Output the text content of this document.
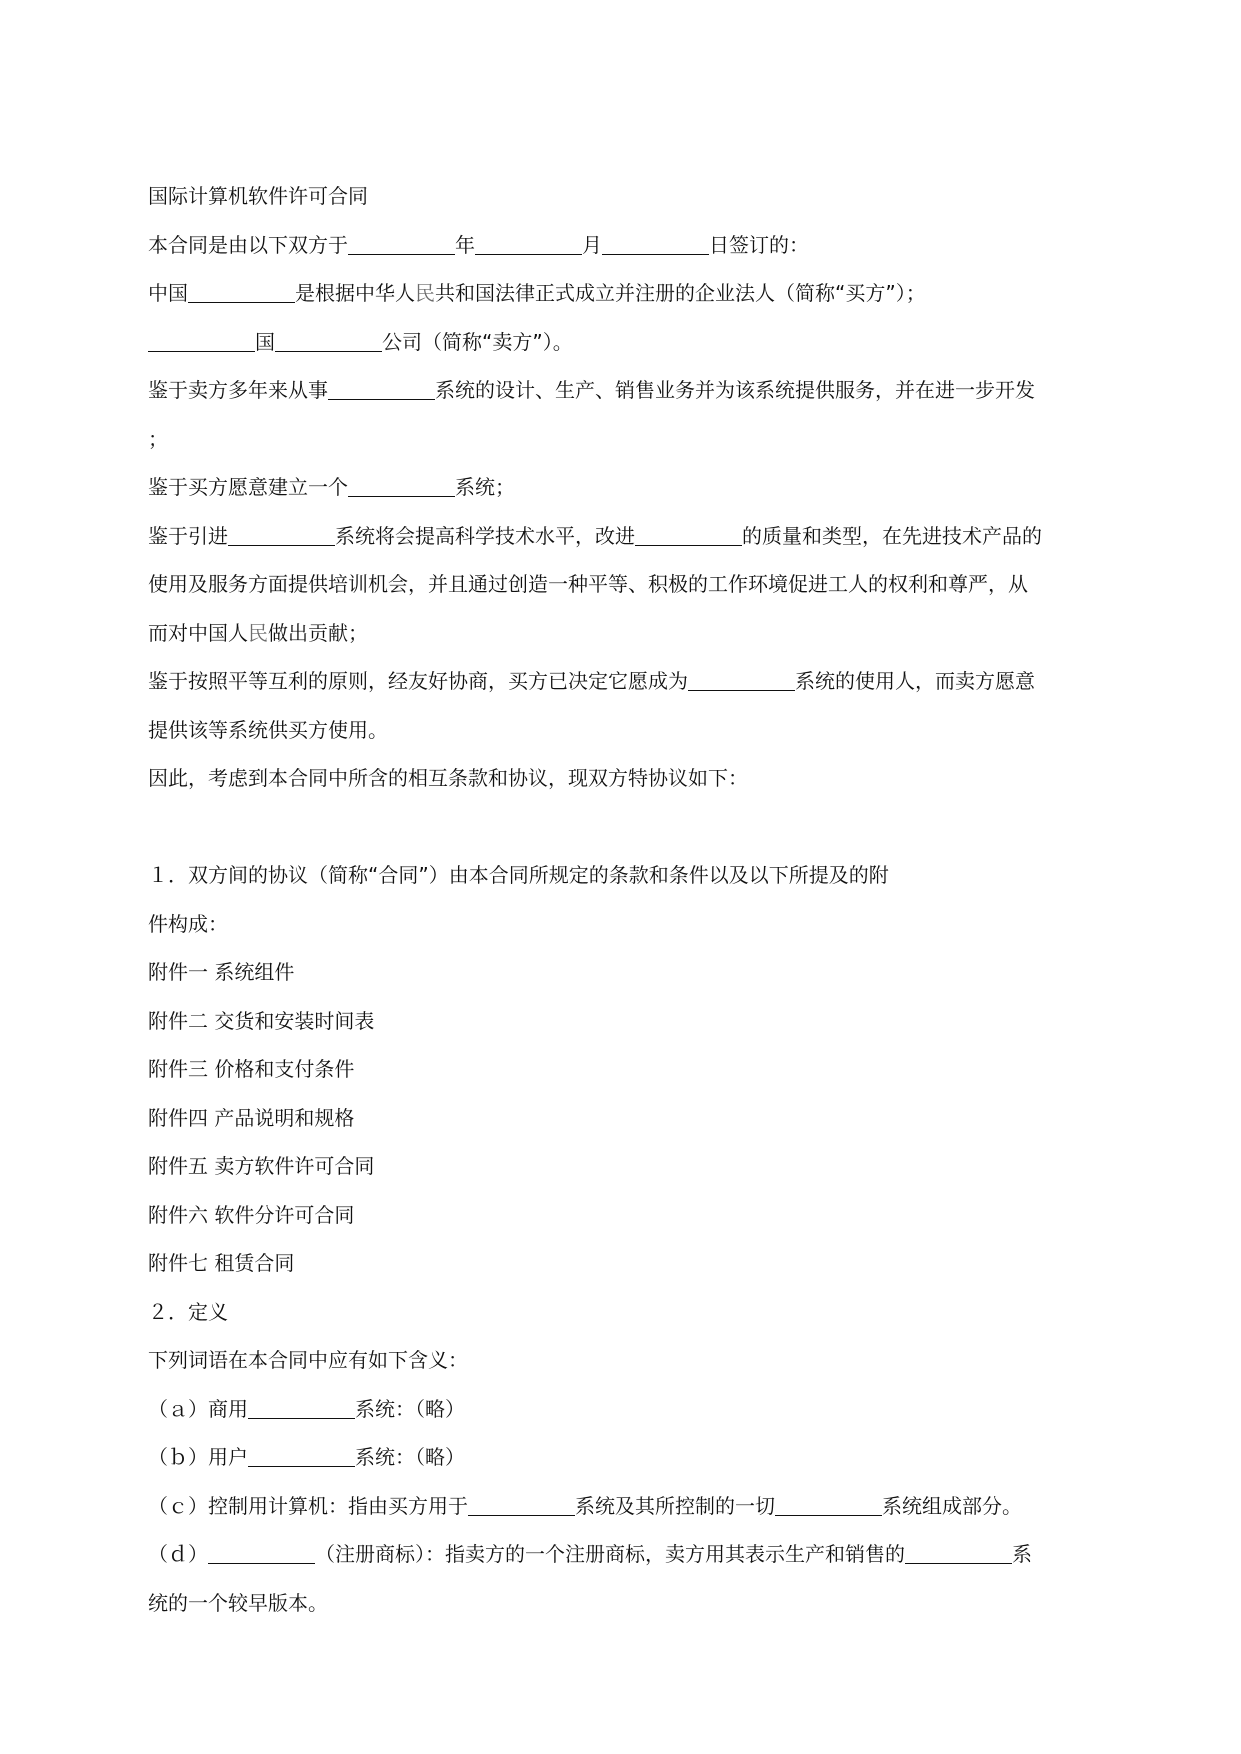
国际计算机软件许可合同
本合同是由以下双方于	年	月	日签订的：
中国	是根据中华人民共和国法律正式成立并注册的企业法人（简称“买方”）；
国	公司（简称“卖方”）。
鉴于卖方多年来从事	系统的设计、生产、销售业务并为该系统提供服务，并在进一步开发
；
鉴于买方愿意建立一个	系统；
鉴于引进	系统将会提高科学技术水平，改进	的质量和类型，在先进技术产品的
使用及服务方面提供培训机会，并且通过创造一种平等、积极的工作环境促进工人的权利和尊严，从
而对中国人民做出贡献；
鉴于按照平等互利的原则，经友好协商，买方已决定它愿成为	系统的使用人，而卖方愿意
提供该等系统供买方使用。
因此，考虑到本合同中所含的相互条款和协议，现双方特协议如下：
１．双方间的协议（简称“合同”）由本合同所规定的条款和条件以及以下所提及的附
件构成：
附件一 系统组件
附件二 交货和安装时间表
附件三 价格和支付条件
附件四 产品说明和规格
附件五 卖方软件许可合同
附件六 软件分许可合同
附件七 租赁合同
２．定义
下列词语在本合同中应有如下含义：
（ａ）商用	系统：（略）
（ｂ）用户	系统：（略）
（ｃ）控制用计算机：指由买方用于	系统及其所控制的一切	系统组成部分。
（ｄ）	（注册商标）：指卖方的一个注册商标，卖方用其表示生产和销售的	系
统的一个较早版本。
